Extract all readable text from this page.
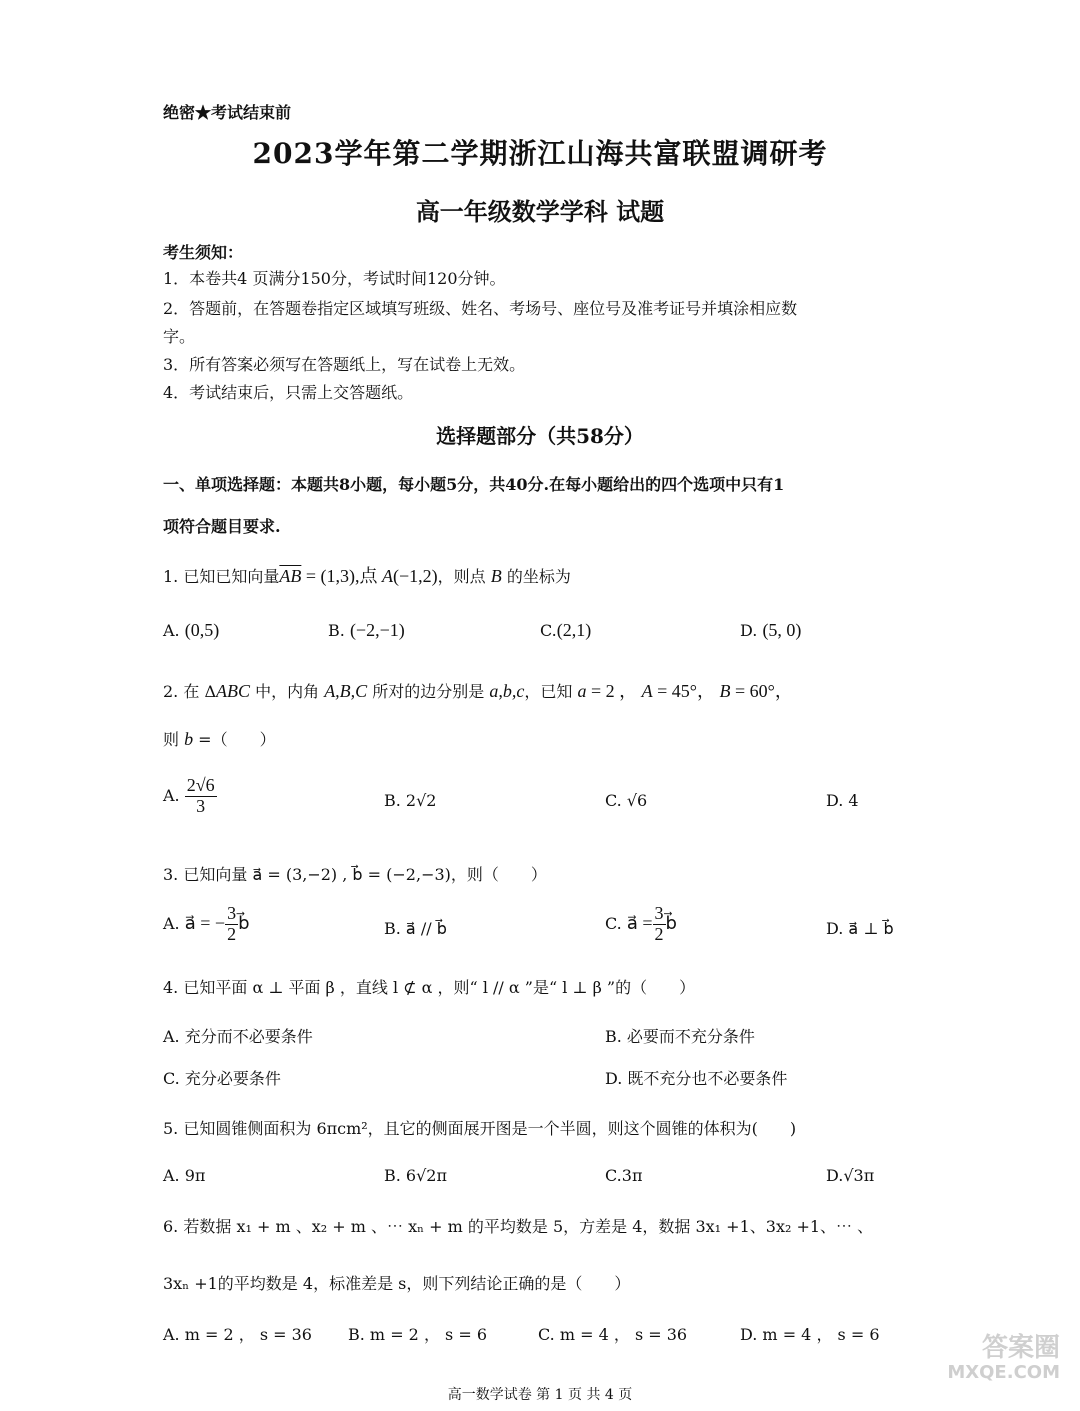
绝密★考试结束前
2023学年第二学期浙江山海共富联盟调研考
高一年级数学学科 试题
考生须知：
1．本卷共4 页满分150分，考试时间120分钟。
2．答题前，在答题卷指定区域填写班级、姓名、考场号、座位号及准考证号并填涂相应数
字。
3．所有答案必须写在答题纸上，写在试卷上无效。
4．考试结束后，只需上交答题纸。
选择题部分（共58分）
一、单项选择题：本题共8小题，每小题5分，共40分.在每小题给出的四个选项中只有1
项符合题目要求.
1. 已知已知向量$\overline{AB} = (1,3)$,点 A(−1,2)，则点 B 的坐标为
A. (0,5)	B. (−2,−1)	C.(2,1)	D. (5, 0)
2. 在 ΔABC 中，内角 A,B,C 所对的边分别是 a,b,c，已知 a = 2 ， A = 45°， B = 60°，
则 b =（　　）
A. $\frac{2√6}{3}$	B. 2√2	C. √6	D. 4
3. 已知向量 a⃗ = (3,−2) , b⃗ = (−2,−3)，则（　　）
A. a⃗ = − $\frac{3}{2}$ b⃗	B. a⃗ // b⃗	C. a⃗ = $\frac{3}{2}$ b⃗	D. a⃗ ⊥ b⃗
4. 已知平面 α ⊥ 平面 β ，直线 l ⊄ α ，则“ l // α ”是“ l ⊥ β ”的（　　）
A. 充分而不必要条件	B. 必要而不充分条件
C. 充分必要条件	D. 既不充分也不必要条件
5. 已知圆锥侧面积为 6πcm²，且它的侧面展开图是一个半圆，则这个圆锥的体积为(　　)
A. 9π	B. 6√2π	C.3π	D.√3π
6. 若数据 x₁ + m 、x₂ + m 、⋯ xₙ + m 的平均数是 5，方差是 4，数据 3x₁ +1、3x₂ +1、⋯ 、
3xₙ +1的平均数是 4，标准差是 s，则下列结论正确的是（　　）
A. m = 2 ， s = 36 B. m = 2 ， s = 6	C. m = 4 ， s = 36	D. m = 4 ， s = 6	答案圈
MXQE.COM
高一数学试卷 第 1 页 共 4 页
